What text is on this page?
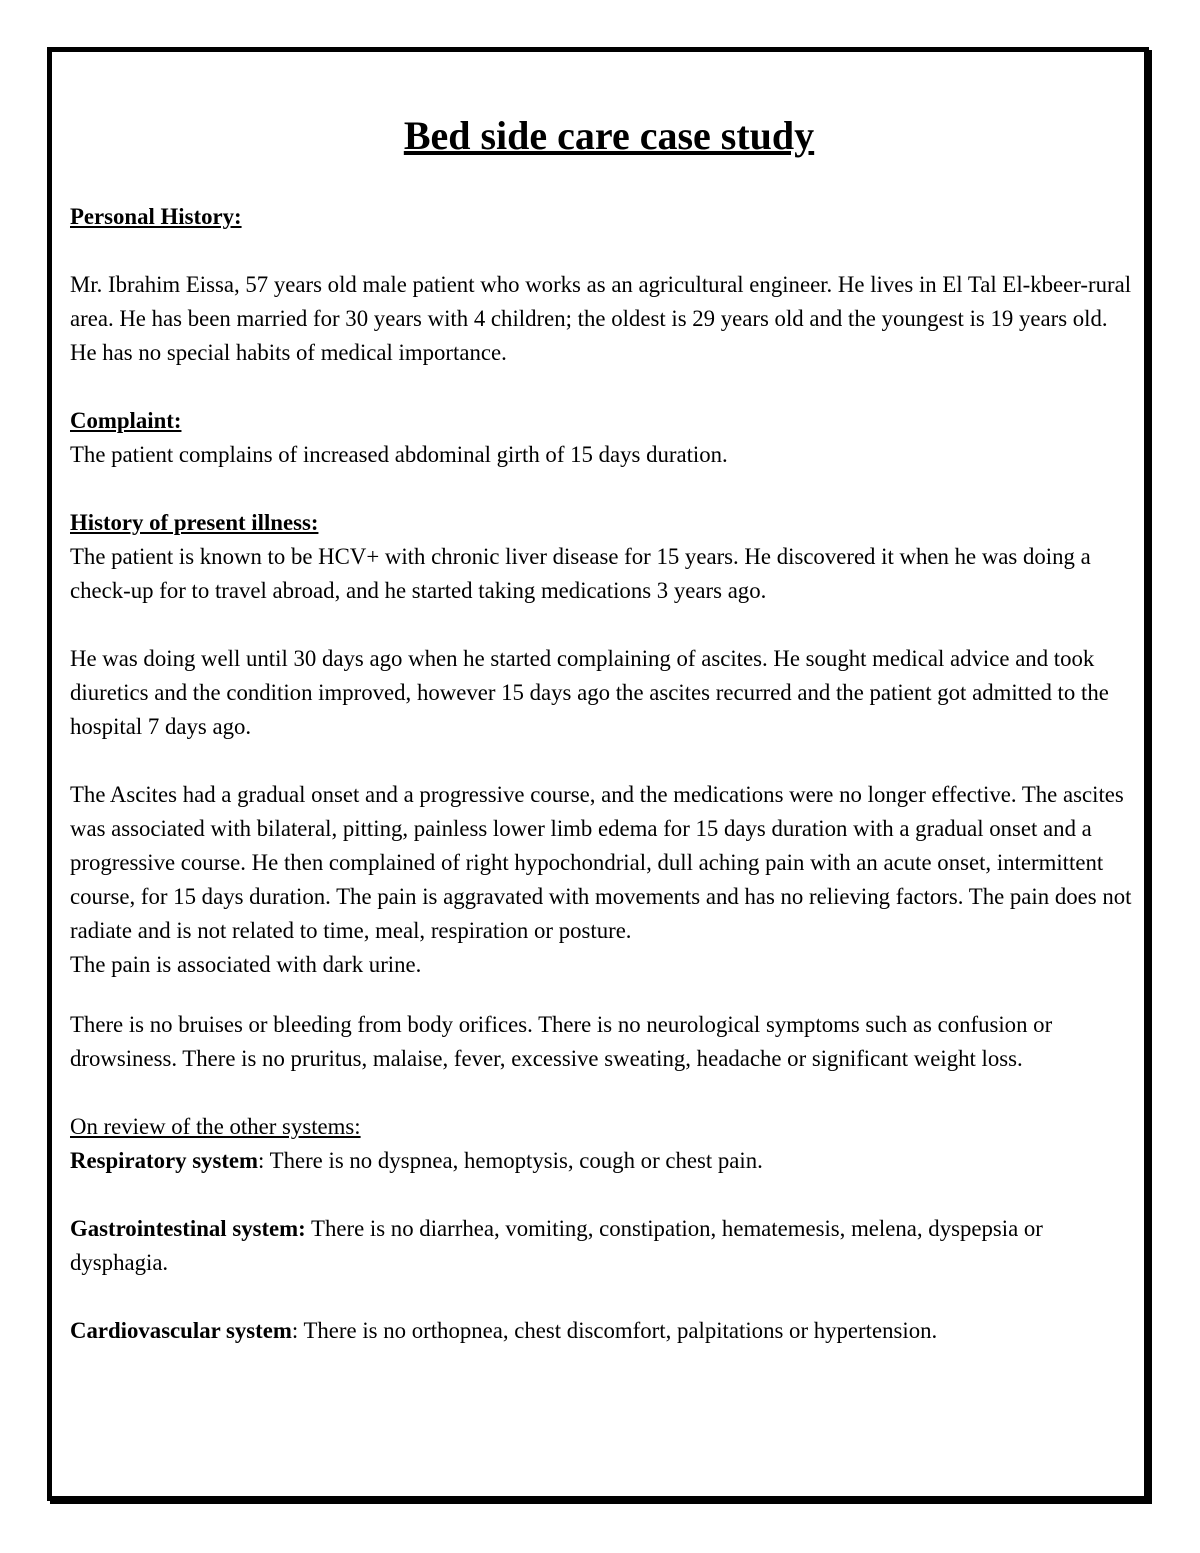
Bed side care case study

Personal History:

Mr. Ibrahim Eissa, 57 years old male patient who works as an agricultural engineer. He lives in El Tal El-kbeer-rural area. He has been married for 30 years with 4 children; the oldest is 29 years old and the youngest is 19 years old. He has no special habits of medical importance.

Complaint:

The patient complains of increased abdominal girth of 15 days duration.

History of present illness:

The patient is known to be HCV+ with chronic liver disease for 15 years. He discovered it when he was doing a check-up for to travel abroad, and he started taking medications 3 years ago.

He was doing well until 30 days ago when he started complaining of ascites. He sought medical advice and took diuretics and the condition improved, however 15 days ago the ascites recurred and the patient got admitted to the hospital 7 days ago.

The Ascites had a gradual onset and a progressive course, and the medications were no longer effective. The ascites was associated with bilateral, pitting, painless lower limb edema for 15 days duration with a gradual onset and a progressive course. He then complained of right hypochondrial, dull aching pain with an acute onset, intermittent course, for 15 days duration. The pain is aggravated with movements and has no relieving factors. The pain does not radiate and is not related to time, meal, respiration or posture.

The pain is associated with dark urine.

There is no bruises or bleeding from body orifices. There is no neurological symptoms such as confusion or drowsiness. There is no pruritus, malaise, fever, excessive sweating, headache or significant weight loss.

On review of the other systems:

Respiratory system: There is no dyspnea, hemoptysis, cough or chest pain.

Gastrointestinal system: There is no diarrhea, vomiting, constipation, hematemesis, melena, dyspepsia or dysphagia.

Cardiovascular system: There is no orthopnea, chest discomfort, palpitations or hypertension.
